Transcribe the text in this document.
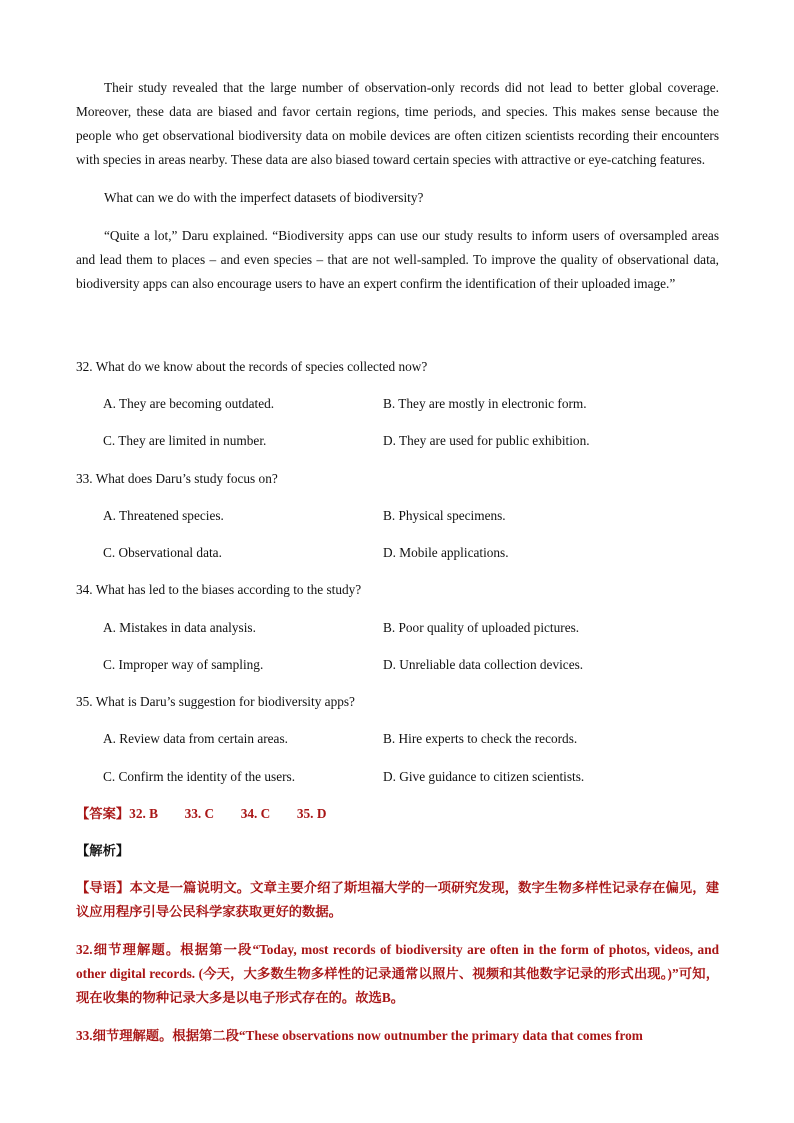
Their study revealed that the large number of observation-only records did not lead to better global coverage. Moreover, these data are biased and favor certain regions, time periods, and species. This makes sense because the people who get observational biodiversity data on mobile devices are often citizen scientists recording their encounters with species in areas nearby. These data are also biased toward certain species with attractive or eye-catching features.

What can we do with the imperfect datasets of biodiversity?

“Quite a lot,” Daru explained. “Biodiversity apps can use our study results to inform users of oversampled areas and lead them to places – and even species – that are not well-sampled. To improve the quality of observational data, biodiversity apps can also encourage users to have an expert confirm the identification of their uploaded image.”

32. What do we know about the records of species collected now?
A. They are becoming outdated.	B. They are mostly in electronic form.
C. They are limited in number.	D. They are used for public exhibition.
33. What does Daru’s study focus on?
A. Threatened species.	B. Physical specimens.
C. Observational data.	D. Mobile applications.
34. What has led to the biases according to the study?
A. Mistakes in data analysis.	B. Poor quality of uploaded pictures.
C. Improper way of sampling.	D. Unreliable data collection devices.
35. What is Daru’s suggestion for biodiversity apps?
A. Review data from certain areas.	B. Hire experts to check the records.
C. Confirm the identity of the users.	D. Give guidance to citizen scientists.
【答案】32. B        33. C        34. C        35. D
【解析】
【导语】本文是一篇说明文。文章主要介绍了斯坦福大学的一项研究发现，数字生物多样性记录存在偏见，建议应用程序引导公民科学家获取更好的数据。
32.细节理解题。根据第一段“Today, most records of biodiversity are often in the form of photos, videos, and other digital records. (今天，大多数生物多样性的记录通常以照片、视频和其他数字记录的形式出现。)”可知，现在收集的物种记录大多是以电子形式存在的。故选B。
33.细节理解题。根据第二段“These observations now outnumber the primary data that comes from
